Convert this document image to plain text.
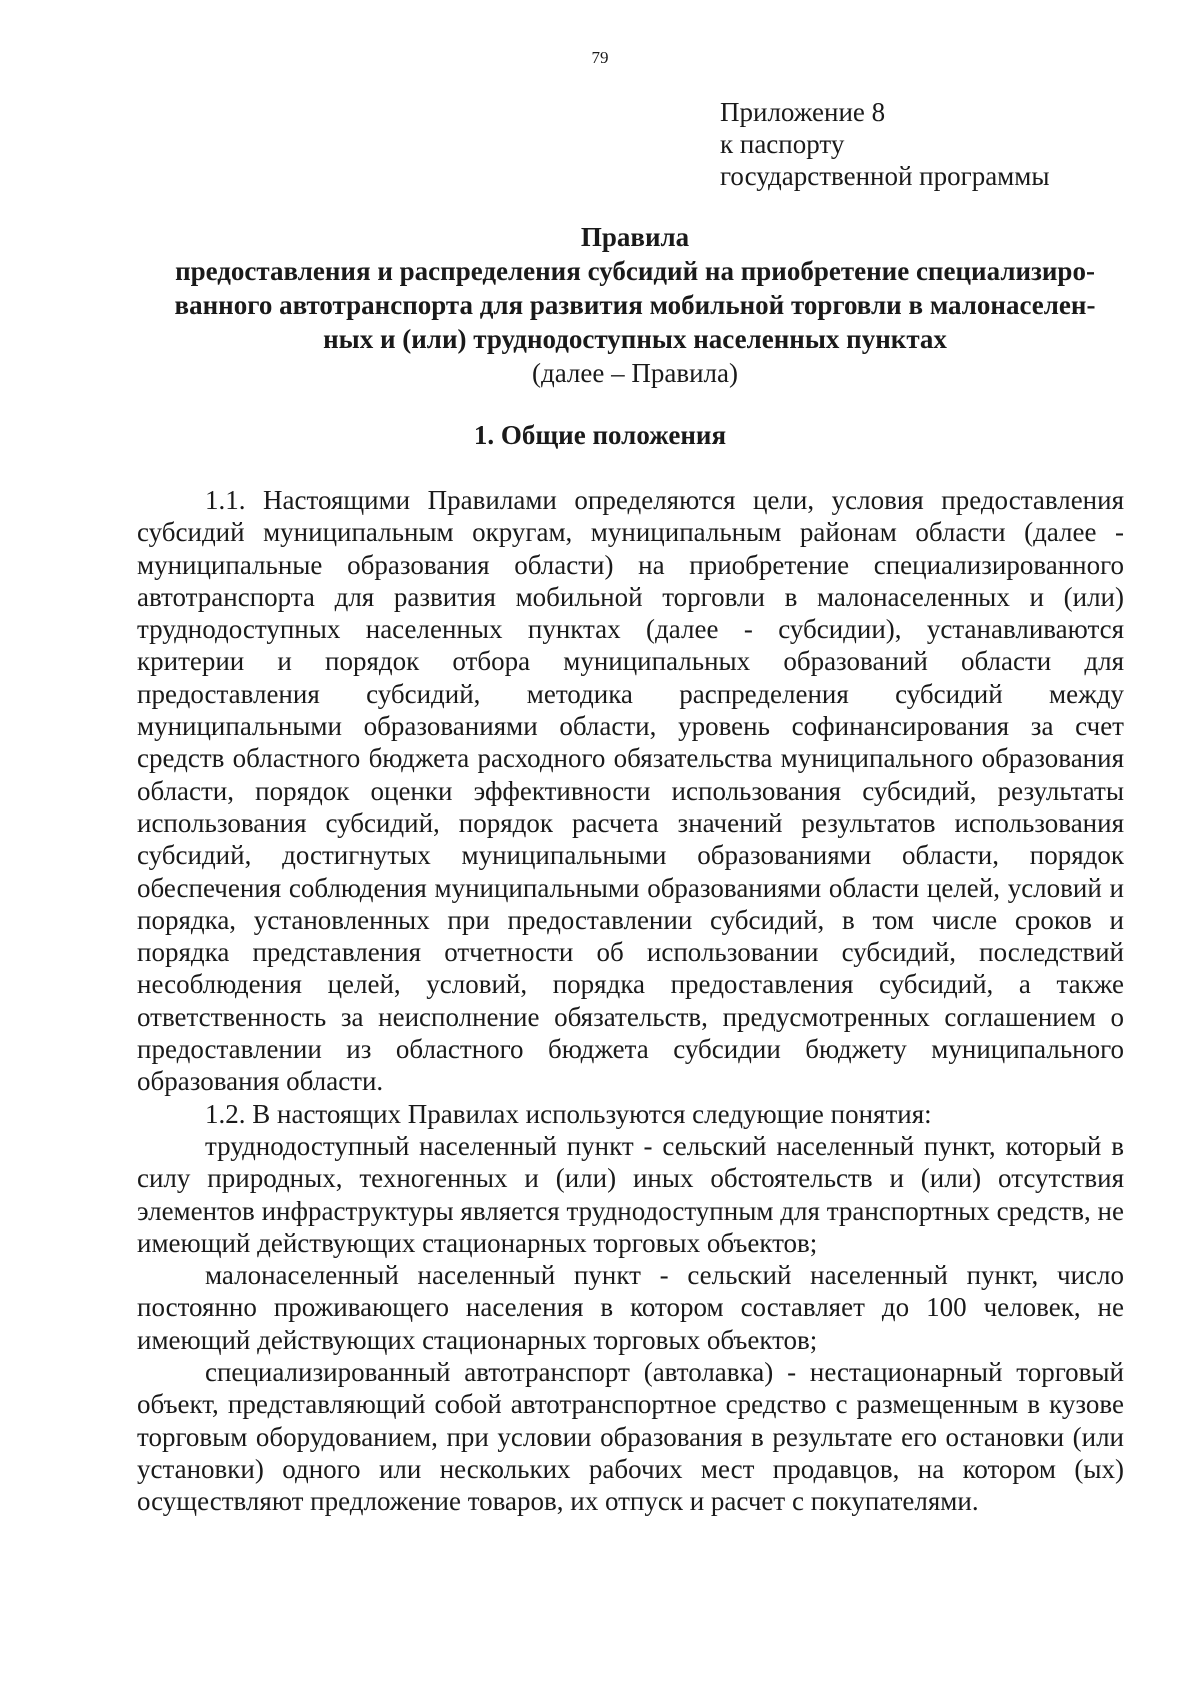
79
Приложение 8
к паспорту
государственной программы
Правила
предоставления и распределения субсидий на приобретение специализиро-
ванного автотранспорта для развития мобильной торговли в малонаселен-
ных и (или) труднодоступных населенных пунктах
(далее – Правила)
1. Общие положения

1.1. Настоящими Правилами определяются цели, условия предоставления субсидий муниципальным округам, муниципальным районам области (далее - муниципальные образования области) на приобретение специализированного автотранспорта для развития мобильной торговли в малонаселенных и (или) труднодоступных населенных пунктах (далее - субсидии), устанавливаются критерии и порядок отбора муниципальных образований области для предоставления субсидий, методика распределения субсидий между муниципальными образованиями области, уровень софинансирования за счет средств областного бюджета расходного обязательства муниципального образования области, порядок оценки эффективности использования субсидий, результаты использования субсидий, порядок расчета значений результатов использования субсидий, достигнутых муниципальными образованиями области, порядок обеспечения соблюдения муниципальными образованиями области целей, условий и порядка, установленных при предоставлении субсидий, в том числе сроков и порядка представления отчетности об использовании субсидий, последствий несоблюдения целей, условий, порядка предоставления субсидий, а также ответственность за неисполнение обязательств, предусмотренных соглашением о предоставлении из областного бюджета субсидии бюджету муниципального образования области.

1.2. В настоящих Правилах используются следующие понятия:

труднодоступный населенный пункт - сельский населенный пункт, который в силу природных, техногенных и (или) иных обстоятельств и (или) отсутствия элементов инфраструктуры является труднодоступным для транспортных средств, не имеющий действующих стационарных торговых объектов;

малонаселенный населенный пункт - сельский населенный пункт, число постоянно проживающего населения в котором составляет до 100 человек, не имеющий действующих стационарных торговых объектов;

специализированный автотранспорт (автолавка) - нестационарный торговый объект, представляющий собой автотранспортное средство с размещенным в кузове торговым оборудованием, при условии образования в результате его остановки (или установки) одного или нескольких рабочих мест продавцов, на котором (ых) осуществляют предложение товаров, их отпуск и расчет с покупателями.
